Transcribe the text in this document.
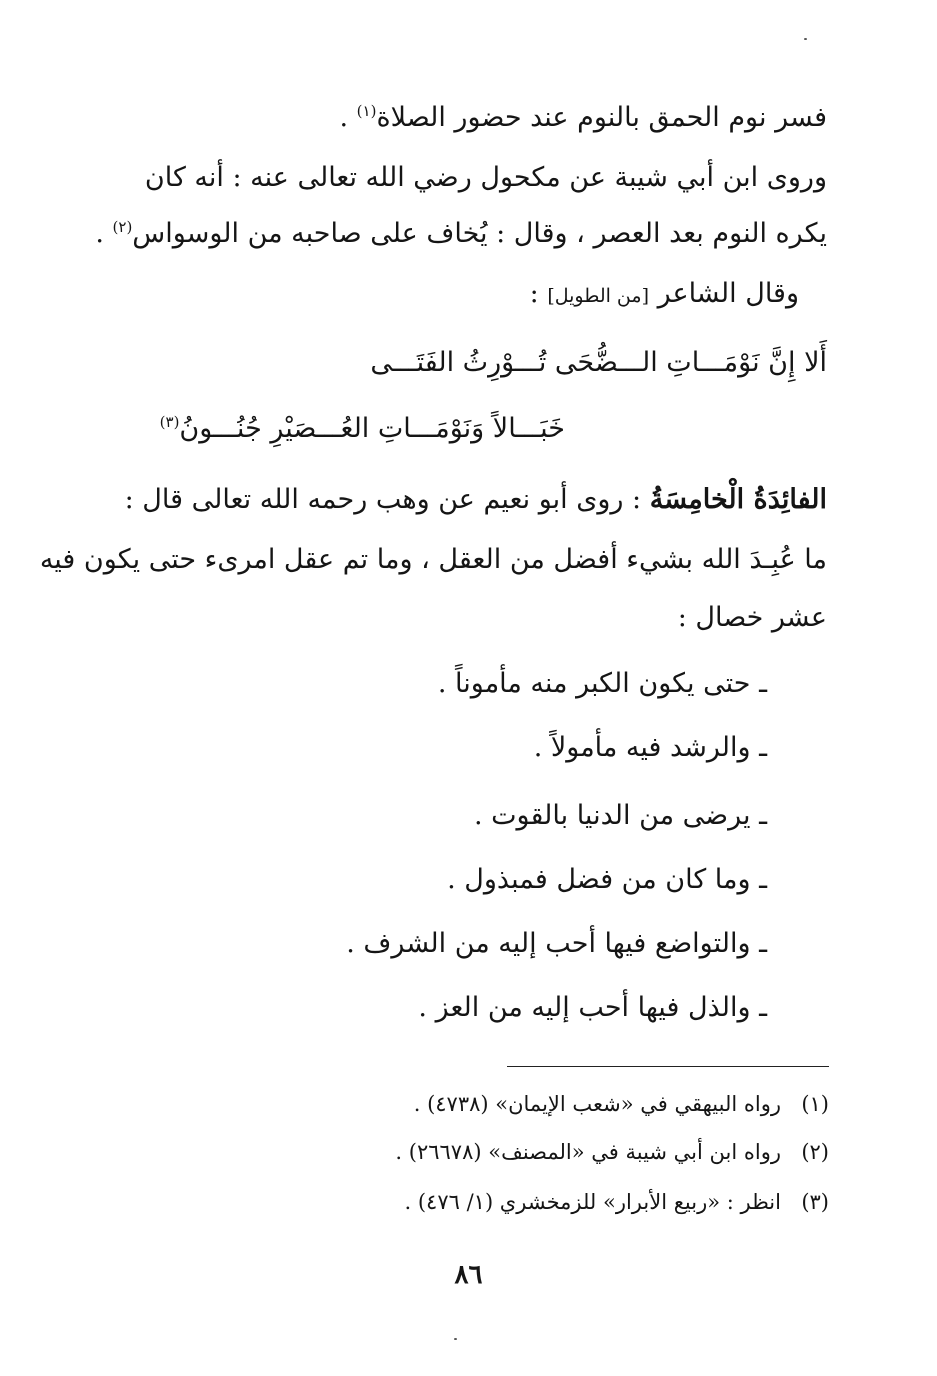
فسر نوم الحمق بالنوم عند حضور الصلاة$^{(١)}$ .
وروى ابن أبي شيبة عن مكحول رضي الله تعالى عنه : أنه كان
يكره النوم بعد العصر ، وقال : يُخاف على صاحبه من الوسواس$^{(٢)}$ .
وقال الشاعر [من الطويل] :
أَلا إِنَّ نَوْمَـــاتِ الـــضُّحَى تُـــوْرِثُ الفَتَـــى
خَبَـــالاً وَنَوْمَـــاتِ العُـــصَيْرِ جُنُـــونُ$^{(٣)}$
الفائِدَةُ الْخامِسَةُ : روى أبو نعيم عن وهب رحمه الله تعالى قال :
ما عُبِـدَ الله بشيء أفضل من العقل ، وما تم عقل امرىء حتى يكون فيه
عشر خصال :
ـ حتى يكون الكبر منه مأموناً .
ـ والرشد فيه مأمولاً .
ـ يرضى من الدنيا بالقوت .
ـ وما كان من فضل فمبذول .
ـ والتواضع فيها أحب إليه من الشرف .
ـ والذل فيها أحب إليه من العز .
(١)رواه البيهقي في «شعب الإيمان» (٤٧٣٨) .
(٢)رواه ابن أبي شيبة في «المصنف» (٢٦٦٧٨) .
(٣)انظر : «ربيع الأبرار» للزمخشري (١/ ٤٧٦) .
٨٦
